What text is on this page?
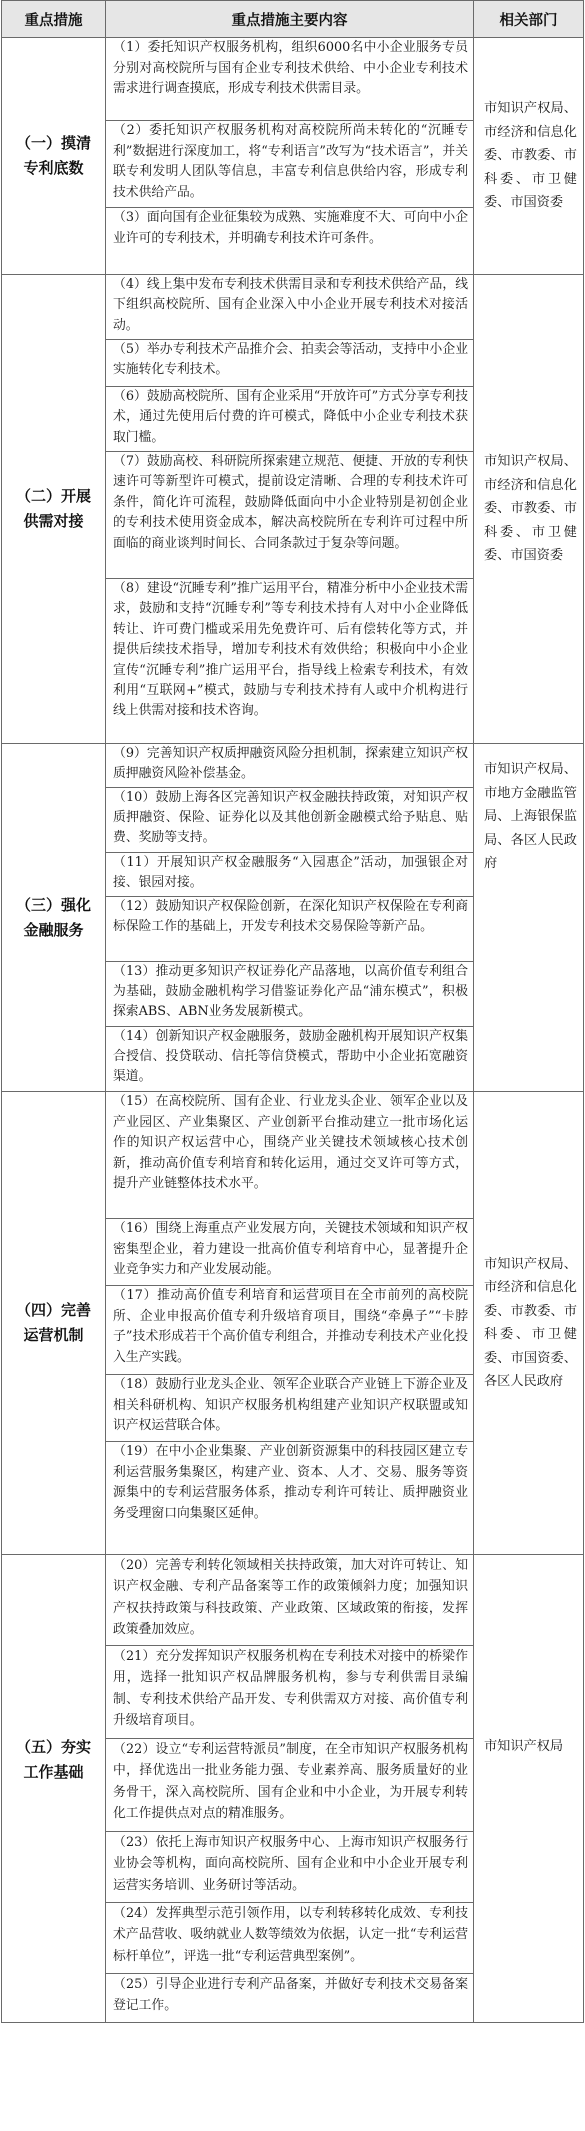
重点措施	重点措施主要内容	相关部门
（一）摸清
专利底数	（1）委托知识产权服务机构，组织6000名中小企业服务专员分别对高校院所与国有企业专利技术供给、中小企业专利技术需求进行调查摸底，形成专利技术供需目录。	市知识产权局、市经济和信息化委、市教委、市科委、市卫健委、市国资委
	（2）委托知识产权服务机构对高校院所尚未转化的“沉睡专利”数据进行深度加工，将“专利语言”改写为“技术语言”，并关联专利发明人团队等信息，丰富专利信息供给内容，形成专利技术供给产品。	
	（3）面向国有企业征集较为成熟、实施难度不大、可向中小企业许可的专利技术，并明确专利技术许可条件。	
（二）开展
供需对接	（4）线上集中发布专利技术供需目录和专利技术供给产品，线下组织高校院所、国有企业深入中小企业开展专利技术对接活动。	市知识产权局、市经济和信息化委、市教委、市科委、市卫健委、市国资委
	（5）举办专利技术产品推介会、拍卖会等活动，支持中小企业实施转化专利技术。	
	（6）鼓励高校院所、国有企业采用“开放许可”方式分享专利技术，通过先使用后付费的许可模式，降低中小企业专利技术获取门槛。	
	（7）鼓励高校、科研院所探索建立规范、便捷、开放的专利快速许可等新型许可模式，提前设定清晰、合理的专利技术许可条件，简化许可流程，鼓励降低面向中小企业特别是初创企业的专利技术使用资金成本，解决高校院所在专利许可过程中所面临的商业谈判时间长、合同条款过于复杂等问题。	
	（8）建设“沉睡专利”推广运用平台，精准分析中小企业技术需求，鼓励和支持“沉睡专利”等专利技术持有人对中小企业降低转让、许可费门槛或采用先免费许可、后有偿转化等方式，并提供后续技术指导，增加专利技术有效供给；积极向中小企业宣传“沉睡专利”推广运用平台，指导线上检索专利技术，有效利用“互联网+”模式，鼓励与专利技术持有人或中介机构进行线上供需对接和技术咨询。	
（三）强化
金融服务	（9）完善知识产权质押融资风险分担机制，探索建立知识产权质押融资风险补偿基金。	市知识产权局、市地方金融监管局、上海银保监局、各区人民政府
	（10）鼓励上海各区完善知识产权金融扶持政策，对知识产权质押融资、保险、证券化以及其他创新金融模式给予贴息、贴费、奖励等支持。	
	（11）开展知识产权金融服务“入园惠企”活动，加强银企对接、银园对接。	
	（12）鼓励知识产权保险创新，在深化知识产权保险在专利商标保险工作的基础上，开发专利技术交易保险等新产品。	
	（13）推动更多知识产权证券化产品落地，以高价值专利组合为基础，鼓励金融机构学习借鉴证券化产品“浦东模式”，积极探索ABS、ABN业务发展新模式。	
	（14）创新知识产权金融服务，鼓励金融机构开展知识产权集合授信、投贷联动、信托等信贷模式，帮助中小企业拓宽融资渠道。	
（四）完善
运营机制	（15）在高校院所、国有企业、行业龙头企业、领军企业以及产业园区、产业集聚区、产业创新平台推动建立一批市场化运作的知识产权运营中心，围绕产业关键技术领域核心技术创新，推动高价值专利培育和转化运用，通过交叉许可等方式，提升产业链整体技术水平。	市知识产权局、市经济和信息化委、市教委、市科委、市卫健委、市国资委、各区人民政府
	（16）围绕上海重点产业发展方向，关键技术领域和知识产权密集型企业，着力建设一批高价值专利培育中心，显著提升企业竞争实力和产业发展动能。	
	（17）推动高价值专利培育和运营项目在全市前列的高校院所、企业申报高价值专利升级培育项目，围绕“牵鼻子”“卡脖子”技术形成若干个高价值专利组合，并推动专利技术产业化投入生产实践。	
	（18）鼓励行业龙头企业、领军企业联合产业链上下游企业及相关科研机构、知识产权服务机构组建产业知识产权联盟或知识产权运营联合体。	
	（19）在中小企业集聚、产业创新资源集中的科技园区建立专利运营服务集聚区，构建产业、资本、人才、交易、服务等资源集中的专利运营服务体系，推动专利许可转让、质押融资业务受理窗口向集聚区延伸。	
（五）夯实
工作基础	（20）完善专利转化领域相关扶持政策，加大对许可转让、知识产权金融、专利产品备案等工作的政策倾斜力度；加强知识产权扶持政策与科技政策、产业政策、区域政策的衔接，发挥政策叠加效应。	市知识产权局
	（21）充分发挥知识产权服务机构在专利技术对接中的桥梁作用，选择一批知识产权品牌服务机构，参与专利供需目录编制、专利技术供给产品开发、专利供需双方对接、高价值专利升级培育项目。	
	（22）设立“专利运营特派员”制度，在全市知识产权服务机构中，择优选出一批业务能力强、专业素养高、服务质量好的业务骨干，深入高校院所、国有企业和中小企业，为开展专利转化工作提供点对点的精准服务。	
	（23）依托上海市知识产权服务中心、上海市知识产权服务行业协会等机构，面向高校院所、国有企业和中小企业开展专利运营实务培训、业务研讨等活动。	
	（24）发挥典型示范引领作用，以专利转移转化成效、专利技术产品营收、吸纳就业人数等绩效为依据，认定一批“专利运营标杆单位”，评选一批“专利运营典型案例”。	
	（25）引导企业进行专利产品备案，并做好专利技术交易备案登记工作。	
